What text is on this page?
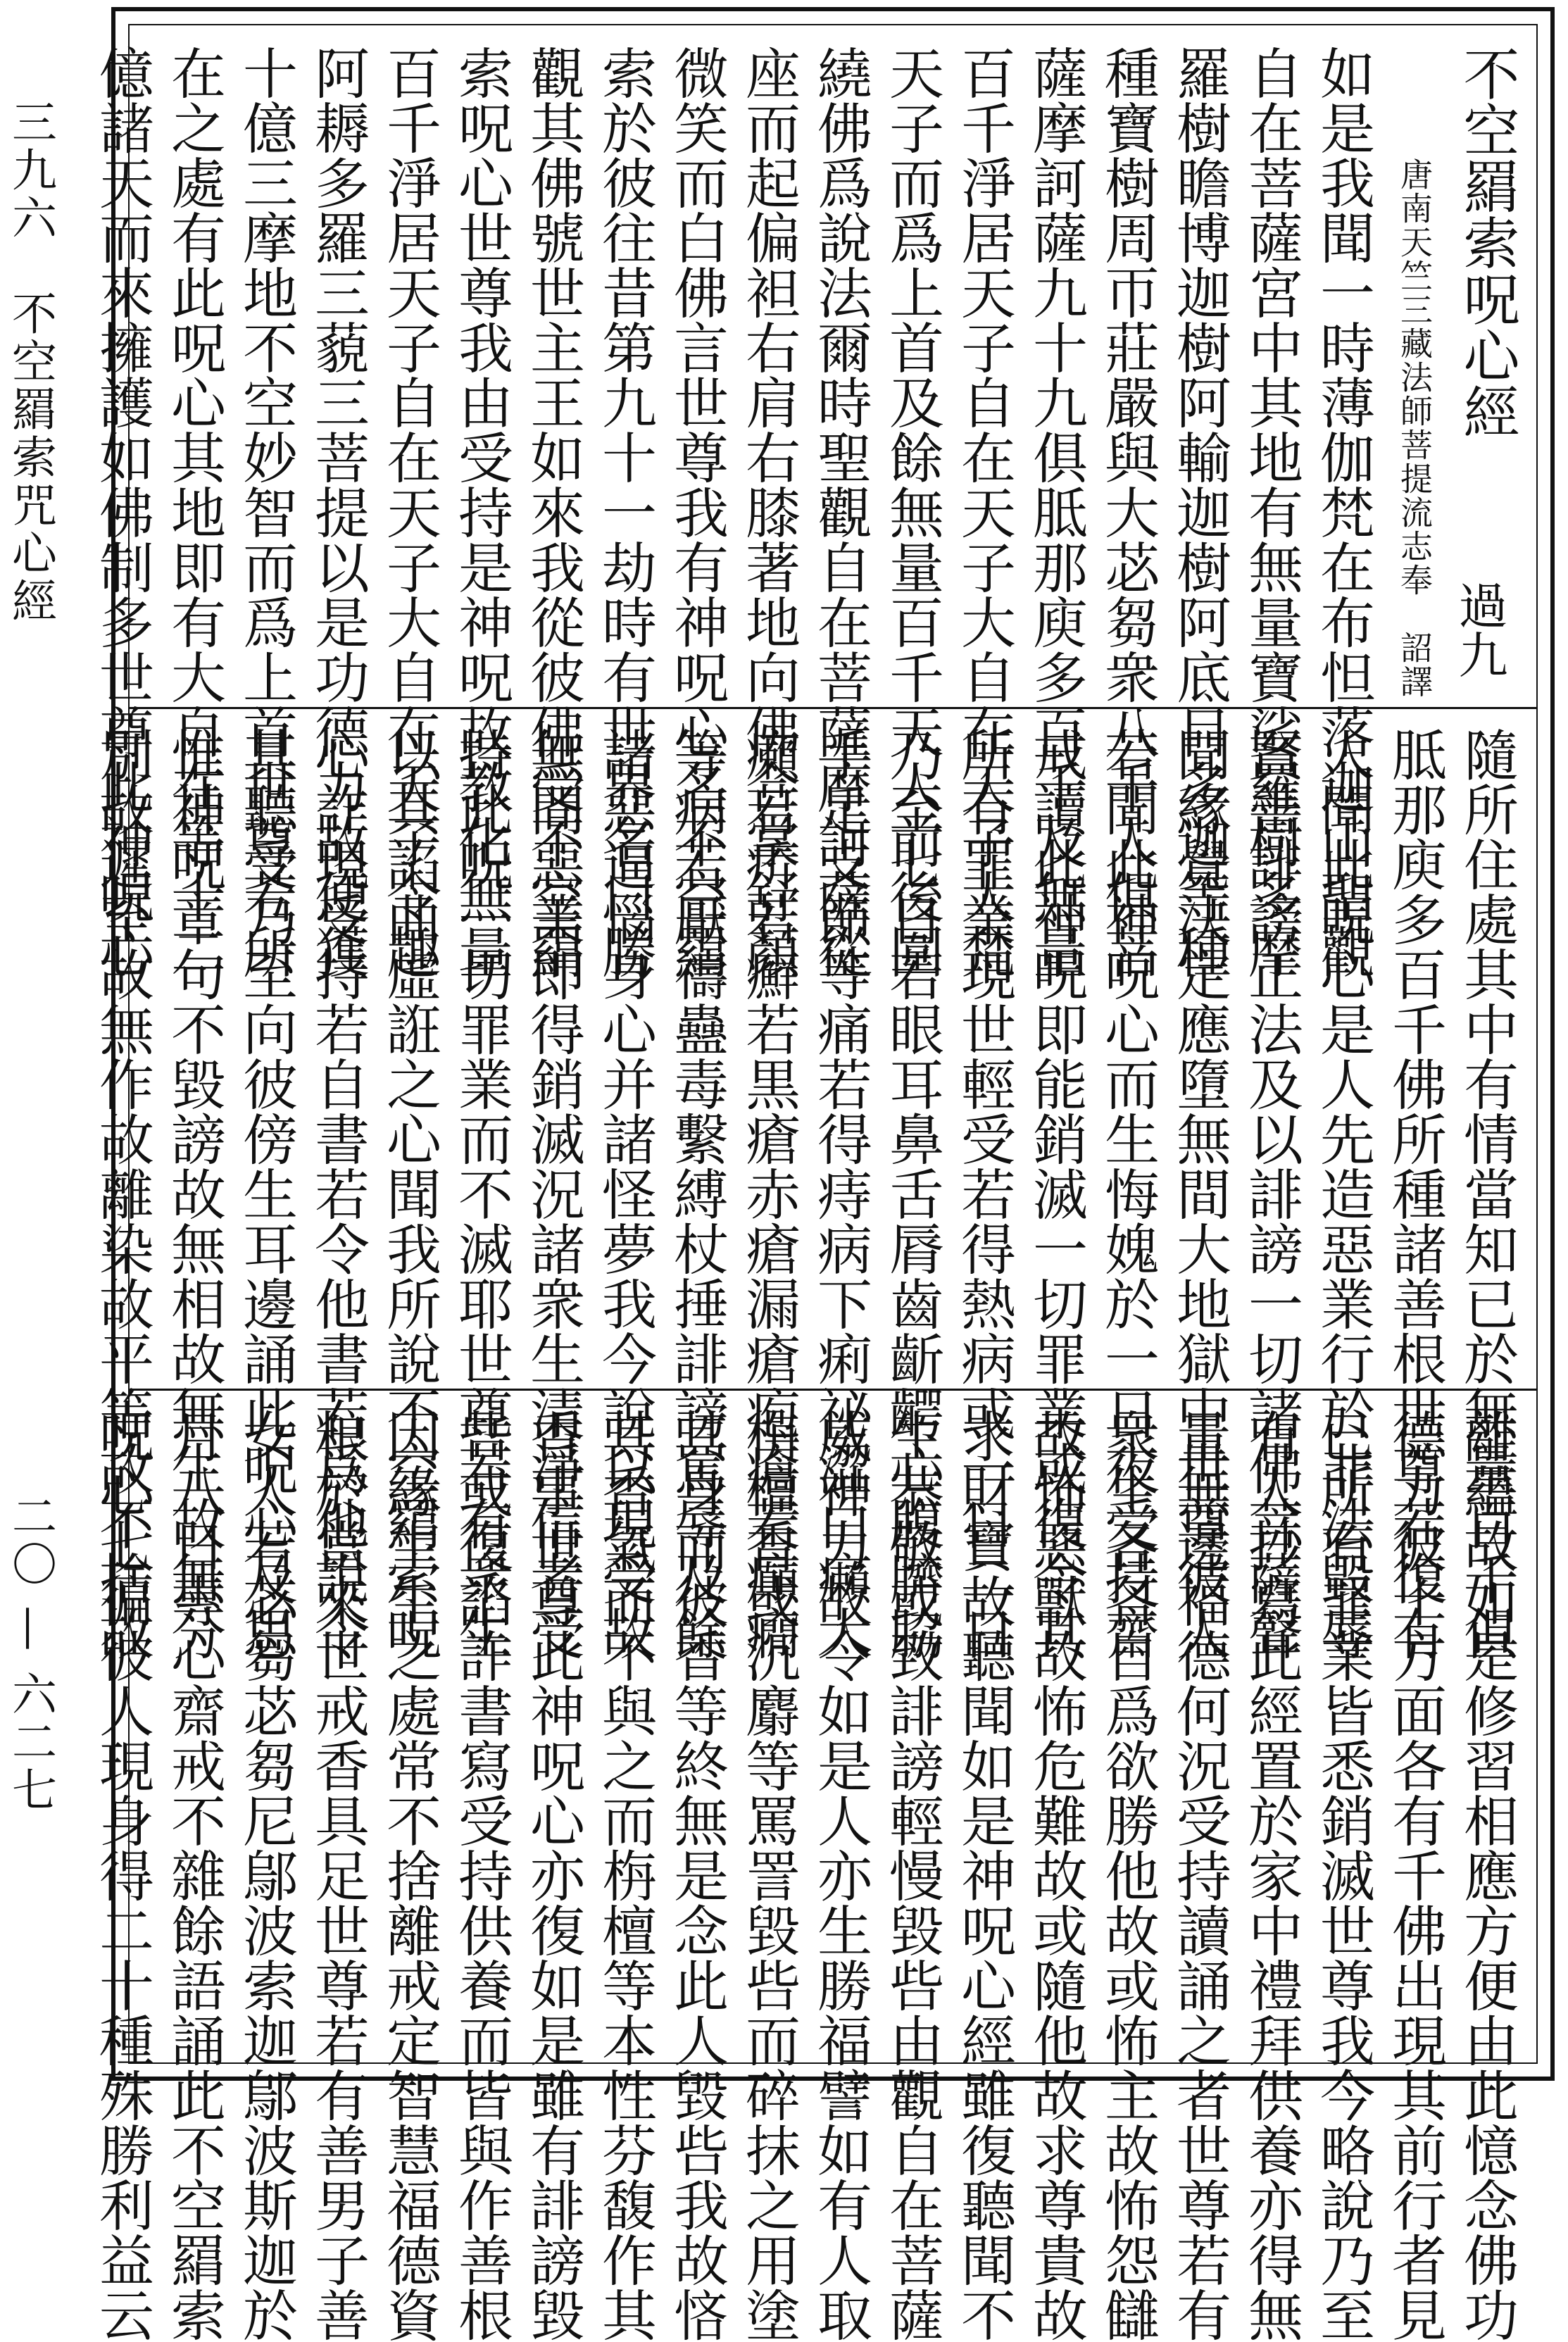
三九六　不空羂索咒心經
二〇 — 六二七
不空羂索呪心經
唐南天竺三藏法師菩提流志奉　詔譯
如是我聞一時薄伽梵在布怛落迦山聖觀
自在菩薩宮中其地有無量寶娑羅樹多摩
羅樹瞻博迦樹阿輸迦樹阿底目多迦等種
種寶樹周帀莊嚴與大苾芻衆八千人俱菩
薩摩訶薩九十九俱胝那庾多百千及無量
百千淨居天子自在天子大自在天子大梵
天子而爲上首及餘無量百千天人前後圍
繞佛爲說法爾時聖觀自在菩薩摩訶薩從
座而起偏袒右肩右膝著地向佛合掌舒顏
微笑而白佛言世尊我有神呪心名不空羂
索於彼往昔第九十一劫時有世界名曰勝
觀其佛號世主王如來我從彼佛受不空羂
索呪心世尊我由受持是神呪故教化無量
百千淨居天子自在天子大自在天子令趣
阿耨多羅三藐三菩提以是功德力故便獲
十億三摩地不空妙智而爲上首世尊若所
在之處有此呪心其地即有大自在等十二
億諸天而來擁護如佛制多世尊此神呪心	過九
隨所住處其中有情當知已於無量百千俱
胝那庾多百千佛所種諸善根世尊若復有
人聞此呪心是人先造惡業行於非法毀辱
賢善誹謗正法及以誹謗一切諸佛菩薩聲
聞緣覺決定應墮無間大地獄中世尊彼人
若聞此神呪心而生悔媿於一日夜受持齋
戒讀此神呪即能銷滅一切罪業或復令其
所有罪業現世輕受若得熱病或一日二日
乃至七日若眼耳鼻舌脣齒齗齶心腹臍脇
手足支節等痛若得痔病下痢祕澀白癩大
癩若疥若癬若黒瘡赤瘡漏瘡疱瘡若癲癇
等病若厭禱蠱毒繫縛杖捶誹謗罵辱及餘
諸惡逼惱身心并諸怪夢我今說以現受故
無間惡業即得銷滅況諸衆生清淨信者受
持此呪一切罪業而不滅耶世尊若有衆生
以其諂曲虛誑之心聞我所說不空羂索呪
心詐現受持若自書若令他書若爲他說令
其聽受乃至向彼傍生耳邊誦此呪心及思
惟神呪章句不毀謗故無相故無生故無分
別故遲至故無作故離染故平等故不捨故
離蘊故如是修習相應方便由此憶念佛功
德力彼十方面各有千佛出現其前行者見
已所有罪業皆悉銷滅世尊我今略說乃至
有人抄寫此經置於家中禮拜供養亦得無
量無邊福德何況受持讀誦之者世尊若有
衆生各各自爲欲勝他故或怖主故怖怨讎
故怖惡獸故怖危難故或隨他故求尊貴故
求財寶故聽聞如是神呪心經雖復聽聞不
生恭敬或致誹謗輕慢毀呰由觀自在菩薩
威神力故令如是人亦生勝福譬如有人取
栴檀香或沉麝等罵詈毀呰而碎抹之用塗
其身而彼香等終無是念此人毀呰我故悋
其香氣而不與之而栴檀等本性芬馥作其
香事世尊此神呪心亦復如是雖有誹謗毀
呰或復諂詐書寫受持供養而皆與作善根
因緣生生之處常不捨離戒定智慧福德資
粮於當來世戒香具足世尊若有善男子善
女人若苾芻苾芻尼鄔波索迦鄔波斯迦於
月八日專心齋戒不雜餘語誦此不空羂索
呪心七徧彼人現身得二十種殊勝利益云
